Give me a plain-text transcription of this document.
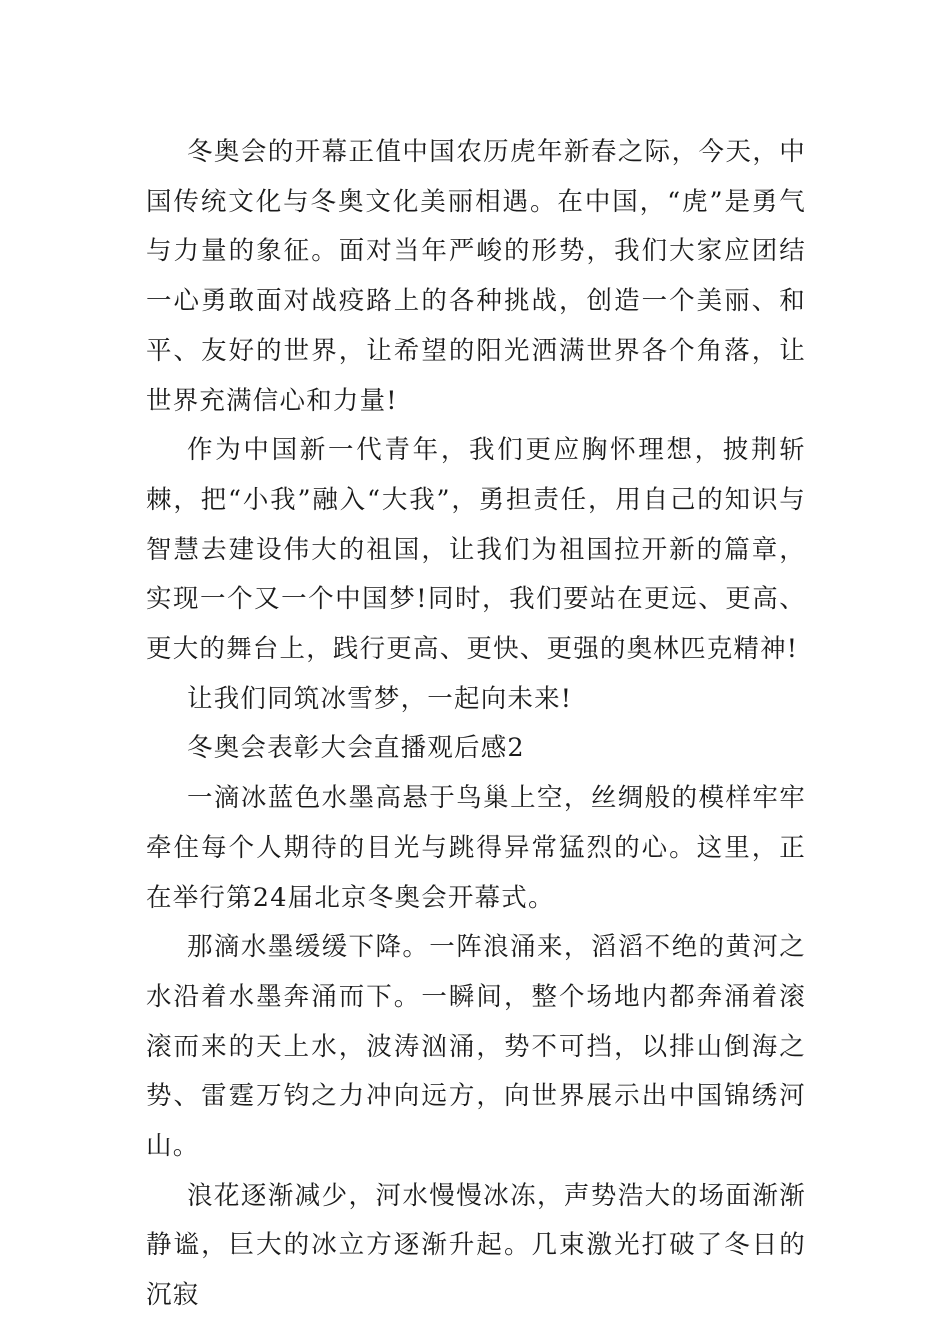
冬奥会的开幕正值中国农历虎年新春之际，今天，中国传统文化与冬奥文化美丽相遇。在中国，“虎”是勇气与力量的象征。面对当年严峻的形势，我们大家应团结一心勇敢面对战疫路上的各种挑战，创造一个美丽、和平、友好的世界，让希望的阳光洒满世界各个角落，让世界充满信心和力量!

作为中国新一代青年，我们更应胸怀理想，披荆斩棘，把“小我”融入“大我”，勇担责任，用自己的知识与智慧去建设伟大的祖国，让我们为祖国拉开新的篇章，实现一个又一个中国梦!同时，我们要站在更远、更高、更大的舞台上，践行更高、更快、更强的奥林匹克精神!

让我们同筑冰雪梦，一起向未来!

冬奥会表彰大会直播观后感2

一滴冰蓝色水墨高悬于鸟巢上空，丝绸般的模样牢牢牵住每个人期待的目光与跳得异常猛烈的心。这里，正在举行第24届北京冬奥会开幕式。

那滴水墨缓缓下降。一阵浪涌来，滔滔不绝的黄河之水沿着水墨奔涌而下。一瞬间，整个场地内都奔涌着滚滚而来的天上水，波涛汹涌，势不可挡，以排山倒海之势、雷霆万钧之力冲向远方，向世界展示出中国锦绣河山。

浪花逐渐减少，河水慢慢冰冻，声势浩大的场面渐渐静谧，巨大的冰立方逐渐升起。几束激光打破了冬日的沉寂
